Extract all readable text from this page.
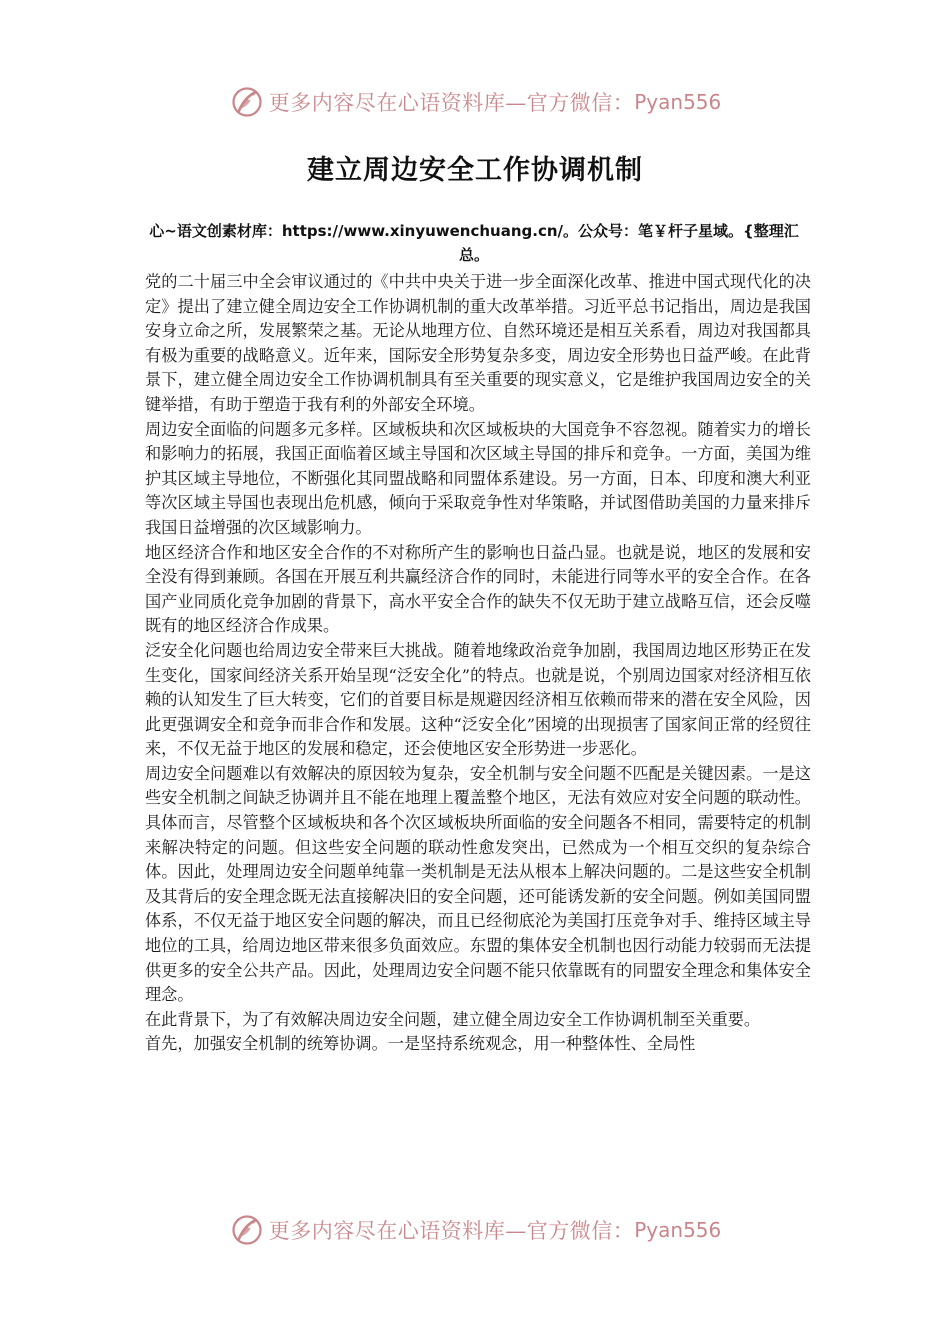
更多内容尽在心语资料库—官方微信： Pyan556
建立周边安全工作协调机制
心~语文创素材库：https://www.xinyuwenchuang.cn/。公众号：笔￥杆子星域。{整理汇总。

党的二十届三中全会审议通过的《中共中央关于进一步全面深化改革、推进中国式现代化的决定》提出了建立健全周边安全工作协调机制的重大改革举措。习近平总书记指出，周边是我国安身立命之所，发展繁荣之基。无论从地理方位、自然环境还是相互关系看，周边对我国都具有极为重要的战略意义。近年来，国际安全形势复杂多变，周边安全形势也日益严峻。在此背景下，建立健全周边安全工作协调机制具有至关重要的现实意义，它是维护我国周边安全的关键举措，有助于塑造于我有利的外部安全环境。

周边安全面临的问题多元多样。区域板块和次区域板块的大国竞争不容忽视。随着实力的增长和影响力的拓展，我国正面临着区域主导国和次区域主导国的排斥和竞争。一方面，美国为维护其区域主导地位，不断强化其同盟战略和同盟体系建设。另一方面，日本、印度和澳大利亚等次区域主导国也表现出危机感，倾向于采取竞争性对华策略，并试图借助美国的力量来排斥我国日益增强的次区域影响力。

地区经济合作和地区安全合作的不对称所产生的影响也日益凸显。也就是说，地区的发展和安全没有得到兼顾。各国在开展互利共赢经济合作的同时，未能进行同等水平的安全合作。在各国产业同质化竞争加剧的背景下，高水平安全合作的缺失不仅无助于建立战略互信，还会反噬既有的地区经济合作成果。

泛安全化问题也给周边安全带来巨大挑战。随着地缘政治竞争加剧，我国周边地区形势正在发生变化，国家间经济关系开始呈现“泛安全化”的特点。也就是说，个别周边国家对经济相互依赖的认知发生了巨大转变，它们的首要目标是规避因经济相互依赖而带来的潜在安全风险，因此更强调安全和竞争而非合作和发展。这种“泛安全化”困境的出现损害了国家间正常的经贸往来，不仅无益于地区的发展和稳定，还会使地区安全形势进一步恶化。

周边安全问题难以有效解决的原因较为复杂，安全机制与安全问题不匹配是关键因素。一是这些安全机制之间缺乏协调并且不能在地理上覆盖整个地区，无法有效应对安全问题的联动性。具体而言，尽管整个区域板块和各个次区域板块所面临的安全问题各不相同，需要特定的机制来解决特定的问题。但这些安全问题的联动性愈发突出，已然成为一个相互交织的复杂综合体。因此，处理周边安全问题单纯靠一类机制是无法从根本上解决问题的。二是这些安全机制及其背后的安全理念既无法直接解决旧的安全问题，还可能诱发新的安全问题。例如美国同盟体系，不仅无益于地区安全问题的解决，而且已经彻底沦为美国打压竞争对手、维持区域主导地位的工具，给周边地区带来很多负面效应。东盟的集体安全机制也因行动能力较弱而无法提供更多的安全公共产品。因此，处理周边安全问题不能只依靠既有的同盟安全理念和集体安全理念。

在此背景下，为了有效解决周边安全问题，建立健全周边安全工作协调机制至关重要。

首先，加强安全机制的统筹协调。一是坚持系统观念，用一种整体性、全局性

更多内容尽在心语资料库—官方微信： Pyan556
